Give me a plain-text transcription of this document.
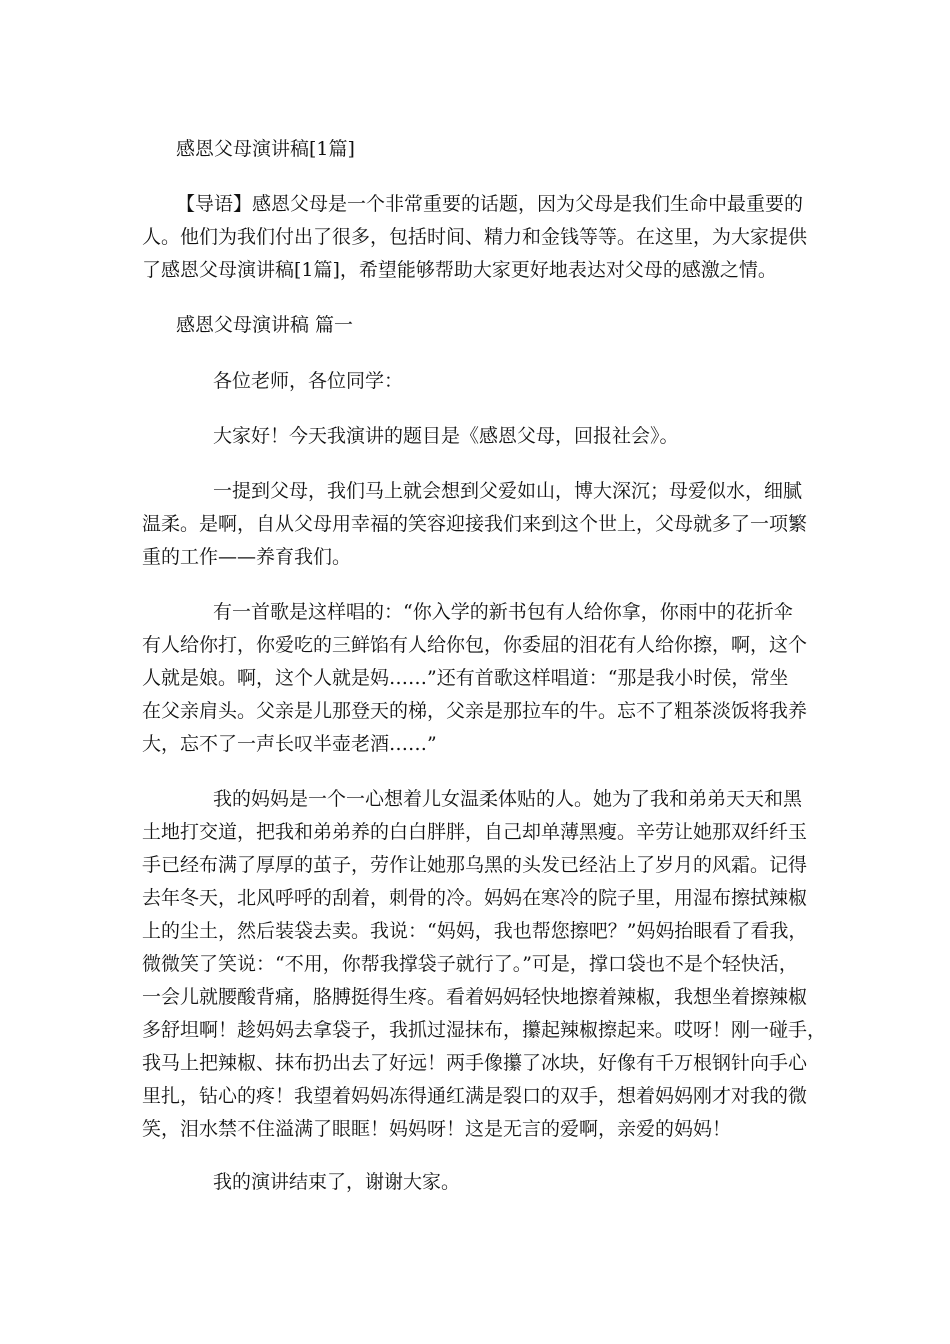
感恩父母演讲稿[1篇]

【导语】感恩父母是一个非常重要的话题，因为父母是我们生命中最重要的
人。他们为我们付出了很多，包括时间、精力和金钱等等。在这里，为大家提供
了感恩父母演讲稿[1篇]，希望能够帮助大家更好地表达对父母的感激之情。

感恩父母演讲稿 篇一

各位老师，各位同学：

大家好！今天我演讲的题目是《感恩父母，回报社会》。

一提到父母，我们马上就会想到父爱如山，博大深沉；母爱似水，细腻
温柔。是啊，自从父母用幸福的笑容迎接我们来到这个世上，父母就多了一项繁
重的工作——养育我们。

有一首歌是这样唱的：“你入学的新书包有人给你拿，你雨中的花折伞
有人给你打，你爱吃的三鲜馅有人给你包，你委屈的泪花有人给你擦，啊，这个
人就是娘。啊，这个人就是妈……”还有首歌这样唱道：“那是我小时侯，常坐
在父亲肩头。父亲是儿那登天的梯，父亲是那拉车的牛。忘不了粗茶淡饭将我养
大，忘不了一声长叹半壶老酒……”

我的妈妈是一个一心想着儿女温柔体贴的人。她为了我和弟弟天天和黑
土地打交道，把我和弟弟养的白白胖胖，自己却单薄黑瘦。辛劳让她那双纤纤玉
手已经布满了厚厚的茧子，劳作让她那乌黑的头发已经沾上了岁月的风霜。记得
去年冬天，北风呼呼的刮着，刺骨的冷。妈妈在寒冷的院子里，用湿布擦拭辣椒
上的尘土，然后装袋去卖。我说：“妈妈，我也帮您擦吧？”妈妈抬眼看了看我，
微微笑了笑说：“不用，你帮我撑袋子就行了。”可是，撑口袋也不是个轻快活，
一会儿就腰酸背痛，胳膊挺得生疼。看着妈妈轻快地擦着辣椒，我想坐着擦辣椒
多舒坦啊！趁妈妈去拿袋子，我抓过湿抹布，攥起辣椒擦起来。哎呀！刚一碰手，
我马上把辣椒、抹布扔出去了好远！两手像攥了冰块，好像有千万根钢针向手心
里扎，钻心的疼！我望着妈妈冻得通红满是裂口的双手，想着妈妈刚才对我的微
笑，泪水禁不住溢满了眼眶！妈妈呀！这是无言的爱啊，亲爱的妈妈！

我的演讲结束了，谢谢大家。
